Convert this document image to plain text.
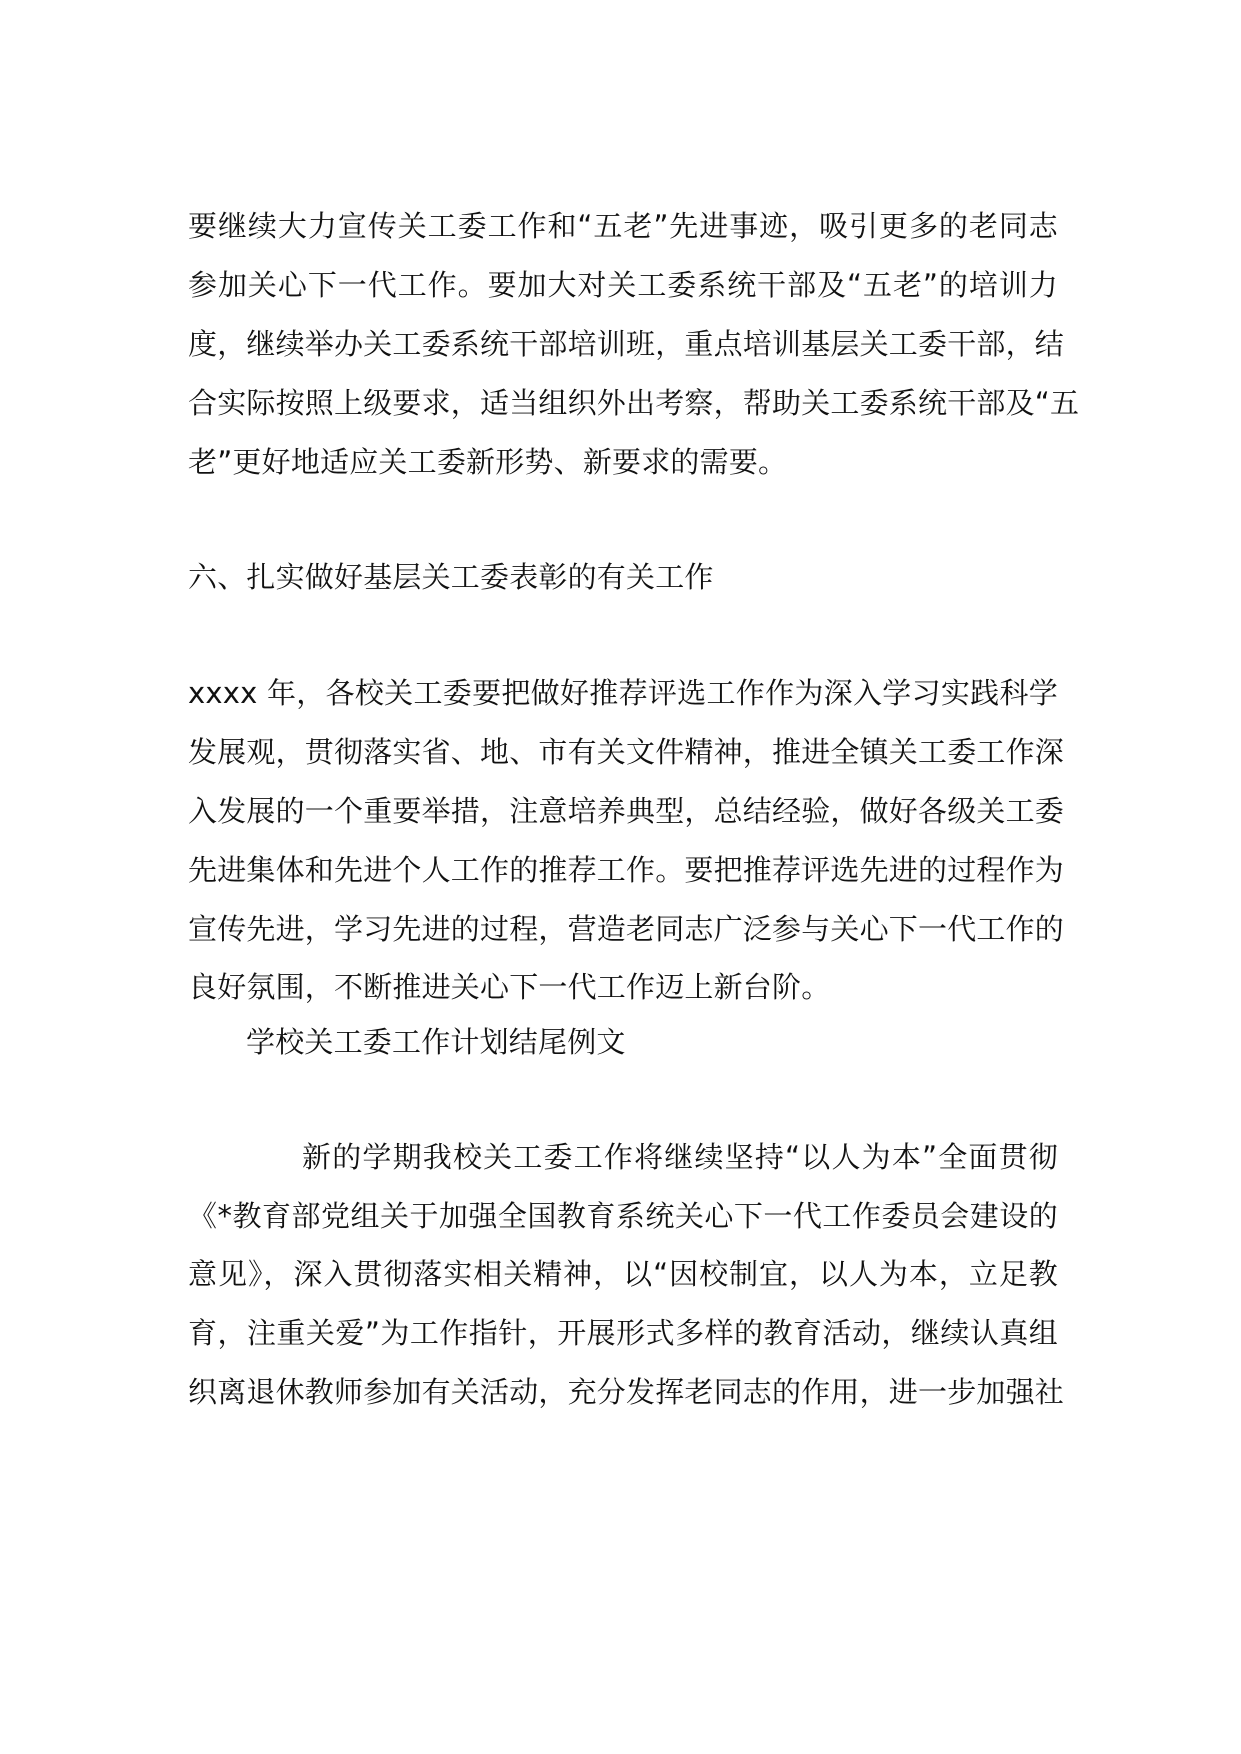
要继续大力宣传关工委工作和“五老”先进事迹，吸引更多的老同志
参加关心下一代工作。要加大对关工委系统干部及“五老”的培训力
度，继续举办关工委系统干部培训班，重点培训基层关工委干部，结
合实际按照上级要求，适当组织外出考察，帮助关工委系统干部及“五
老”更好地适应关工委新形势、新要求的需要。
六、扎实做好基层关工委表彰的有关工作
xxxx 年，各校关工委要把做好推荐评选工作作为深入学习实践科学
发展观，贯彻落实省、地、市有关文件精神，推进全镇关工委工作深
入发展的一个重要举措，注意培养典型，总结经验，做好各级关工委
先进集体和先进个人工作的推荐工作。要把推荐评选先进的过程作为
宣传先进，学习先进的过程，营造老同志广泛参与关心下一代工作的
良好氛围，不断推进关心下一代工作迈上新台阶。
学校关工委工作计划结尾例文
新的学期我校关工委工作将继续坚持“以人为本”全面贯彻
《*教育部党组关于加强全国教育系统关心下一代工作委员会建设的
意见》，深入贯彻落实相关精神，以“因校制宜，以人为本，立足教
育，注重关爱”为工作指针，开展形式多样的教育活动，继续认真组
织离退休教师参加有关活动，充分发挥老同志的作用，进一步加强社
